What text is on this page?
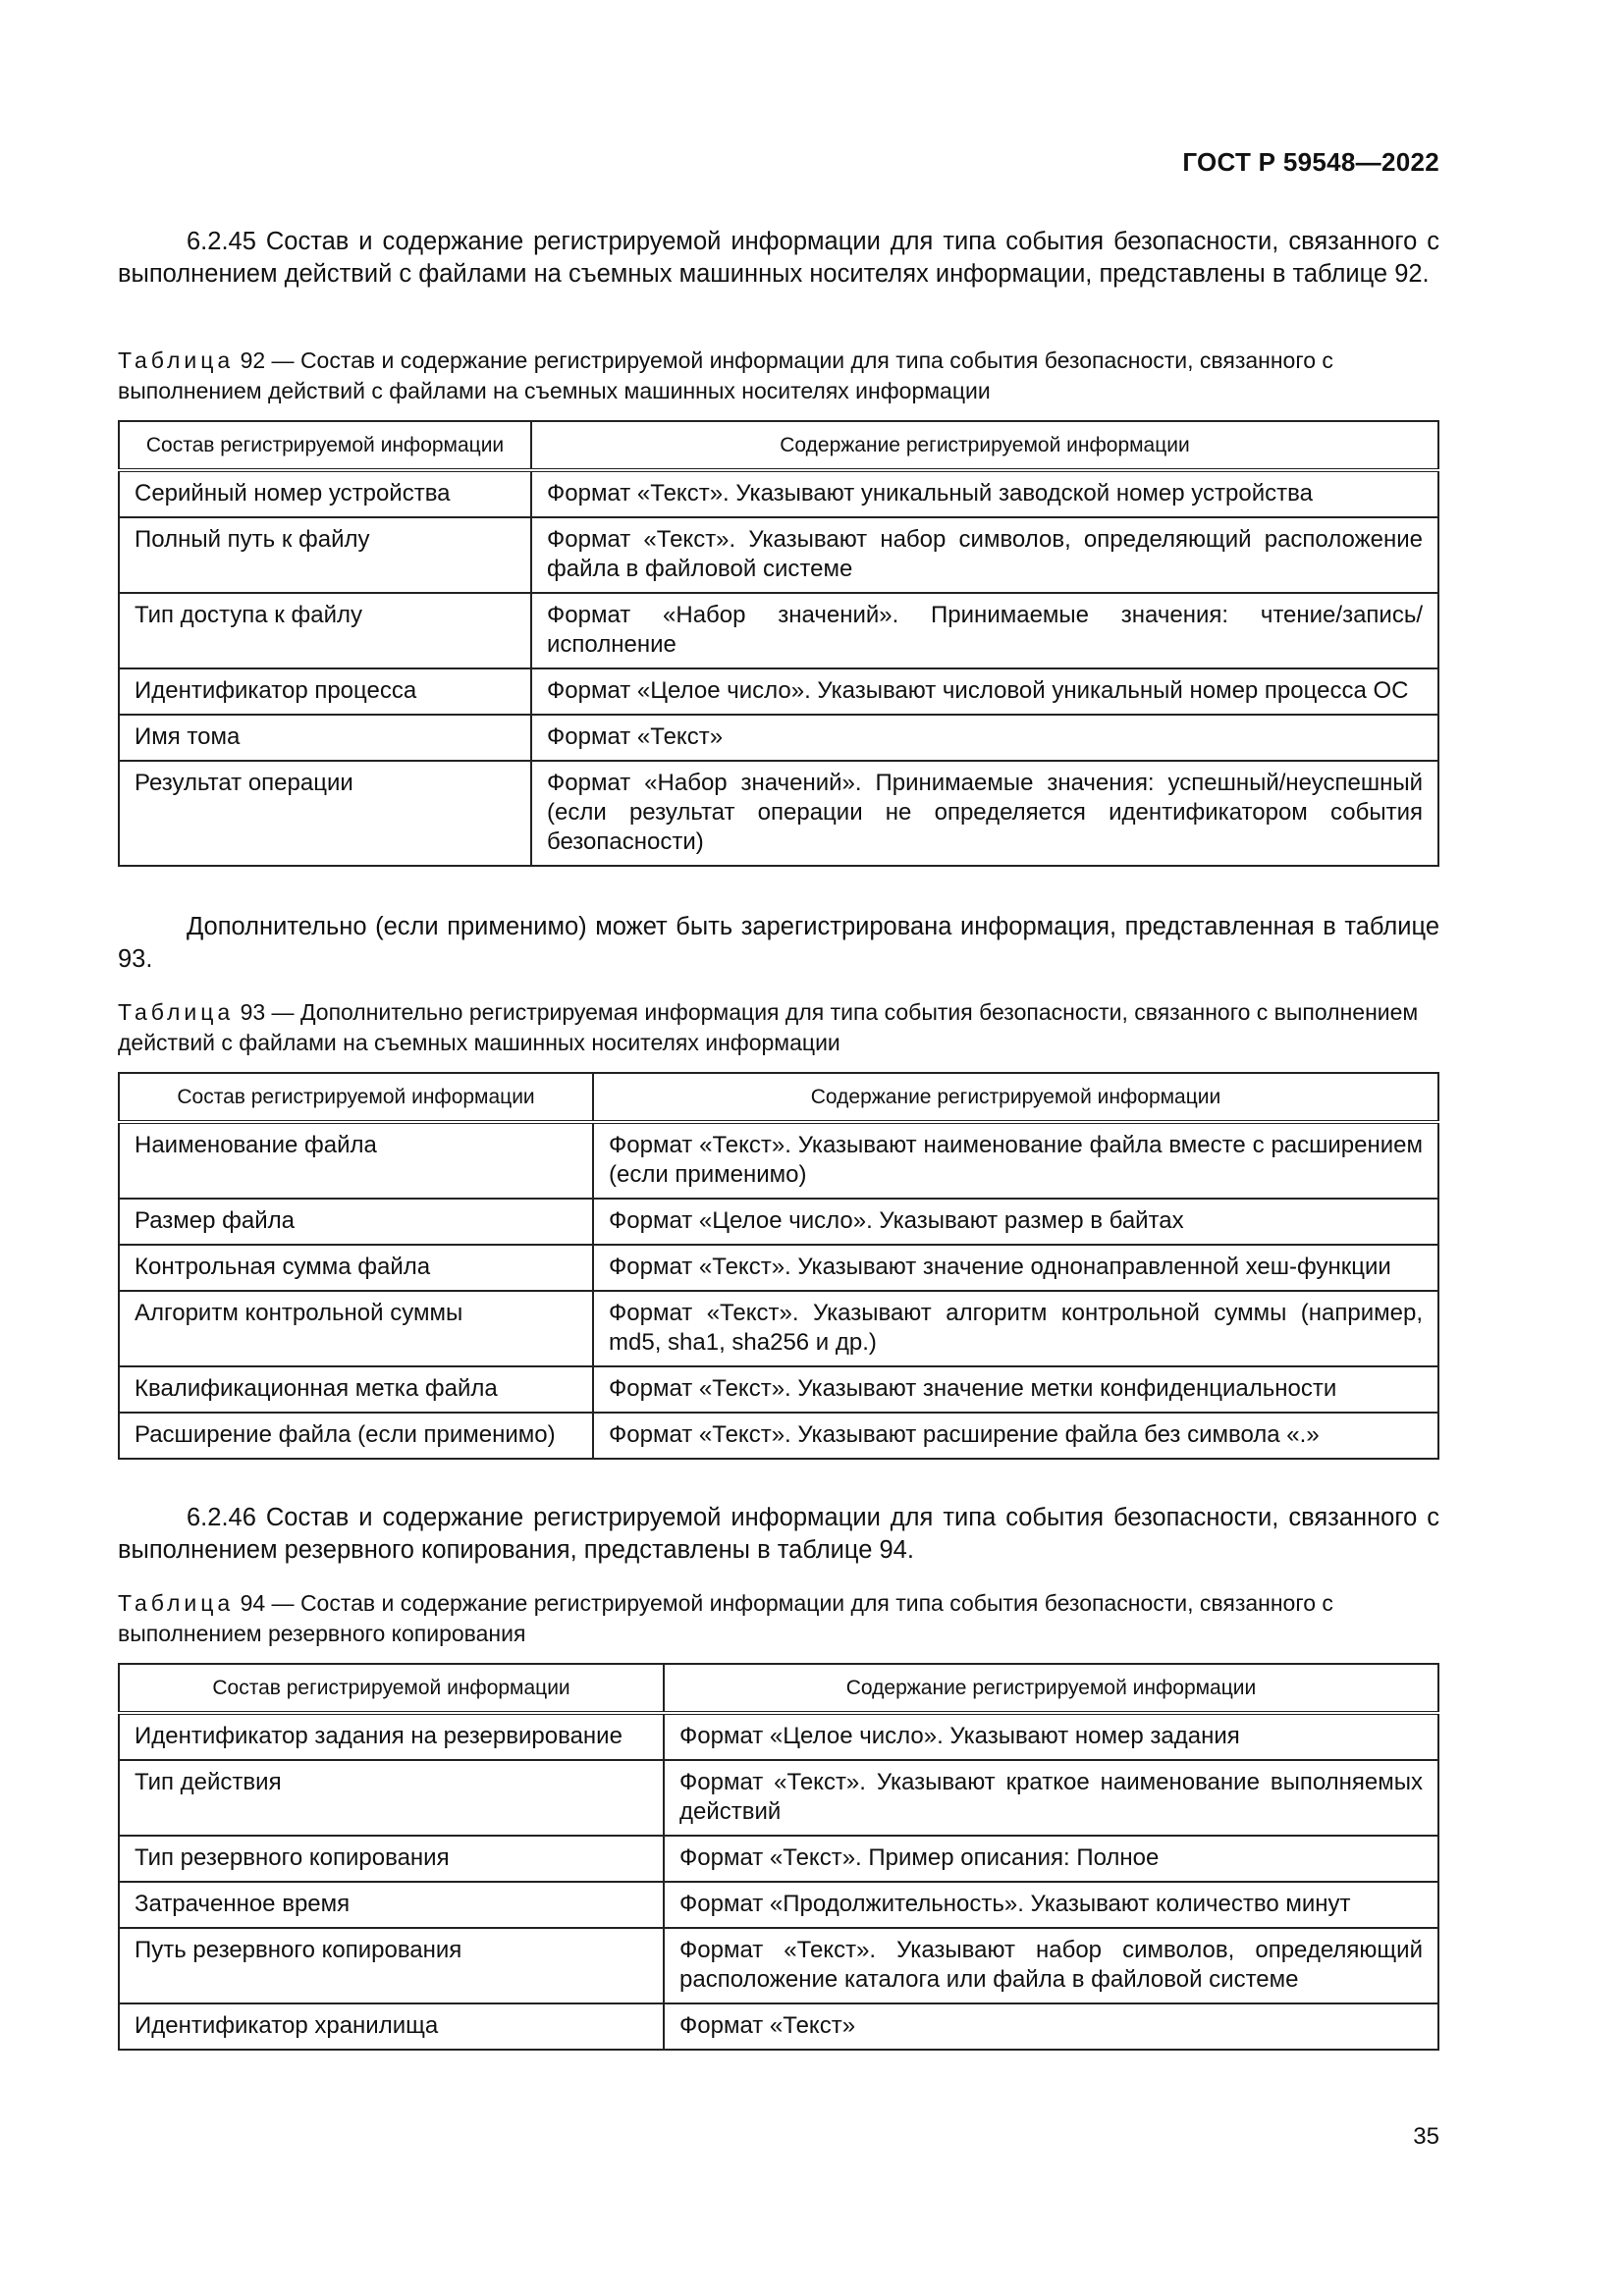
ГОСТ Р 59548—2022

6.2.45 Состав и содержание регистрируемой информации для типа события безопасности, связанного с выполнением действий с файлами на съемных машинных носителях информации, представлены в таблице 92.

Таблица 92 — Состав и содержание регистрируемой информации для типа события безопасности, связанного с выполнением действий с файлами на съемных машинных носителях информации

Состав регистрируемой информации	Содержание регистрируемой информации
Серийный номер устройства	Формат «Текст». Указывают уникальный заводской номер устройства
Полный путь к файлу	Формат «Текст». Указывают набор символов, определяющий расположение файла в файловой системе
Тип доступа к файлу	Формат «Набор значений». Принимаемые значения: чтение/запись/исполнение
Идентификатор процесса	Формат «Целое число». Указывают числовой уникальный номер процесса ОС
Имя тома	Формат «Текст»
Результат операции	Формат «Набор значений». Принимаемые значения: успешный/неуспешный (если результат операции не определяется идентификатором события безопасности)

Дополнительно (если применимо) может быть зарегистрирована информация, представленная в таблице 93.

Таблица 93 — Дополнительно регистрируемая информация для типа события безопасности, связанного с выполнением действий с файлами на съемных машинных носителях информации

Состав регистрируемой информации	Содержание регистрируемой информации
Наименование файла	Формат «Текст». Указывают наименование файла вместе с расширением (если применимо)
Размер файла	Формат «Целое число». Указывают размер в байтах
Контрольная сумма файла	Формат «Текст». Указывают значение однонаправленной хеш-функции
Алгоритм контрольной суммы	Формат «Текст». Указывают алгоритм контрольной суммы (например, md5, sha1, sha256 и др.)
Квалификационная метка файла	Формат «Текст». Указывают значение метки конфиденциальности
Расширение файла (если применимо)	Формат «Текст». Указывают расширение файла без символа «.»

6.2.46 Состав и содержание регистрируемой информации для типа события безопасности, связанного с выполнением резервного копирования, представлены в таблице 94.

Таблица 94 — Состав и содержание регистрируемой информации для типа события безопасности, связанного с выполнением резервного копирования

Состав регистрируемой информации	Содержание регистрируемой информации
Идентификатор задания на резервирование	Формат «Целое число». Указывают номер задания
Тип действия	Формат «Текст». Указывают краткое наименование выполняемых действий
Тип резервного копирования	Формат «Текст». Пример описания: Полное
Затраченное время	Формат «Продолжительность». Указывают количество минут
Путь резервного копирования	Формат «Текст». Указывают набор символов, определяющий расположение каталога или файла в файловой системе
Идентификатор хранилища	Формат «Текст»
35
